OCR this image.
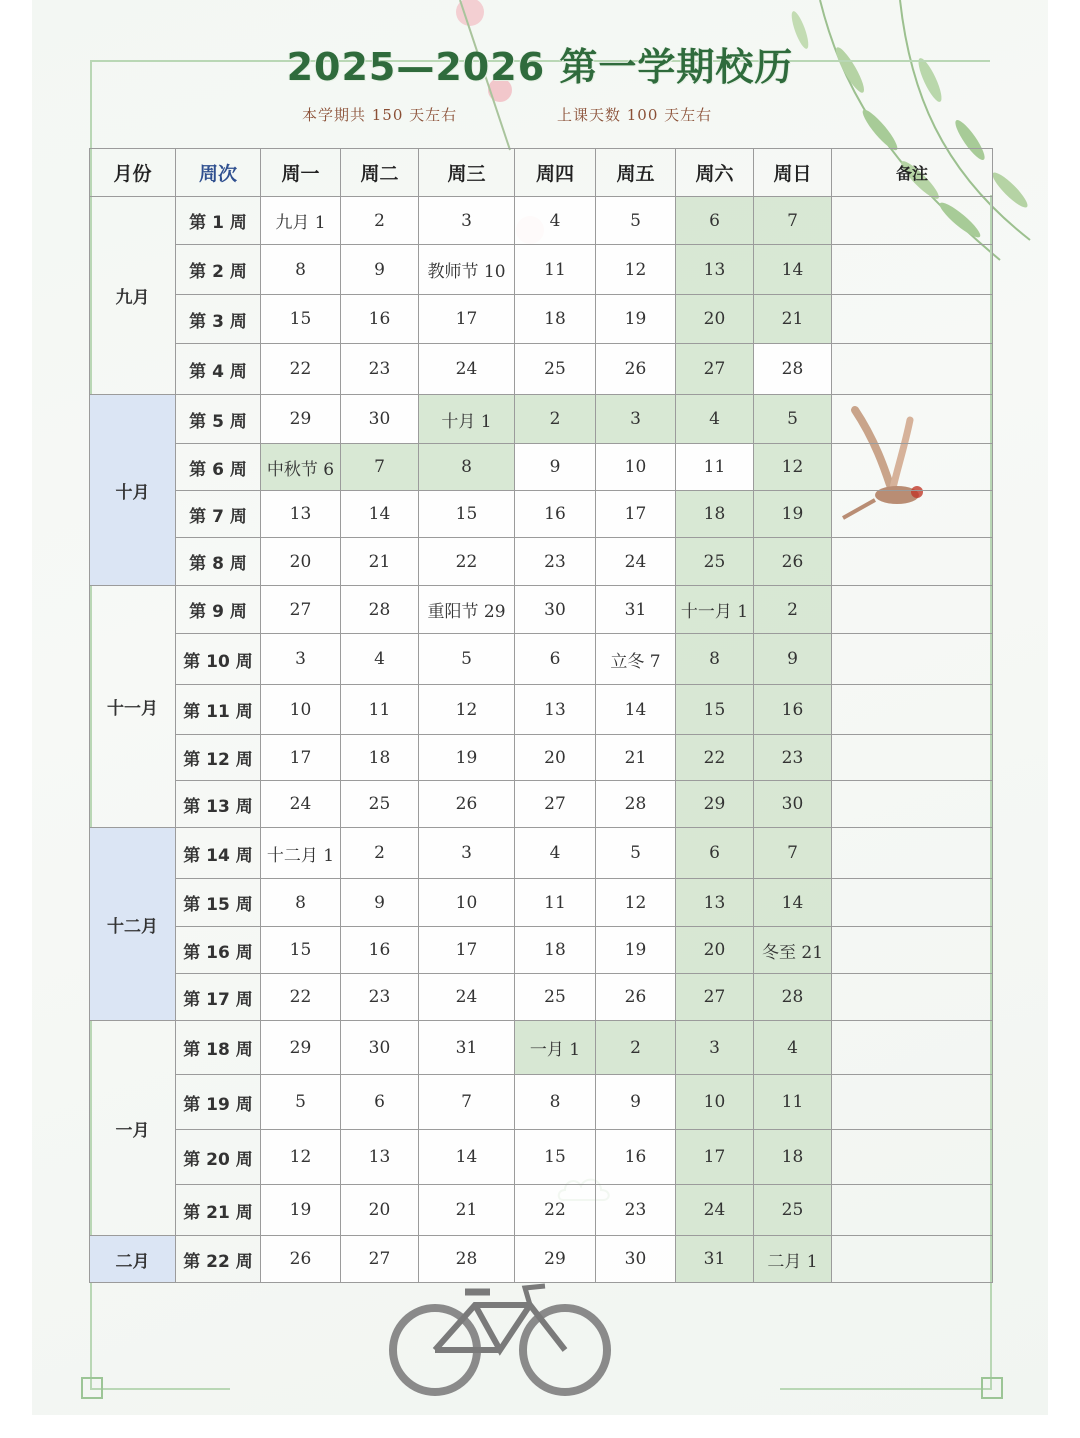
2025—2026 第一学期校历
本学期共 150 天左右	上课天数 100 天左右
月份	周次	周一	周二	周三	周四	周五	周六	周日	备注
九月	第 1 周	九月 1	2	3	4	5	6	7	
	第 2 周	8	9	教师节 10	11	12	13	14	
	第 3 周	15	16	17	18	19	20	21	
	第 4 周	22	23	24	25	26	27	28	
十月	第 5 周	29	30	十月 1	2	3	4	5	
	第 6 周	中秋节 6	7	8	9	10	11	12	
	第 7 周	13	14	15	16	17	18	19	
	第 8 周	20	21	22	23	24	25	26	
十一月	第 9 周	27	28	重阳节 29	30	31	十一月 1	2	
	第 10 周	3	4	5	6	立冬 7	8	9	
	第 11 周	10	11	12	13	14	15	16	
	第 12 周	17	18	19	20	21	22	23	
	第 13 周	24	25	26	27	28	29	30	
十二月	第 14 周	十二月 1	2	3	4	5	6	7	
	第 15 周	8	9	10	11	12	13	14	
	第 16 周	15	16	17	18	19	20	冬至 21	
	第 17 周	22	23	24	25	26	27	28	
一月	第 18 周	29	30	31	一月 1	2	3	4	
	第 19 周	5	6	7	8	9	10	11	
	第 20 周	12	13	14	15	16	17	18	
	第 21 周	19	20	21	22	23	24	25	
二月	第 22 周	26	27	28	29	30	31	二月 1	
